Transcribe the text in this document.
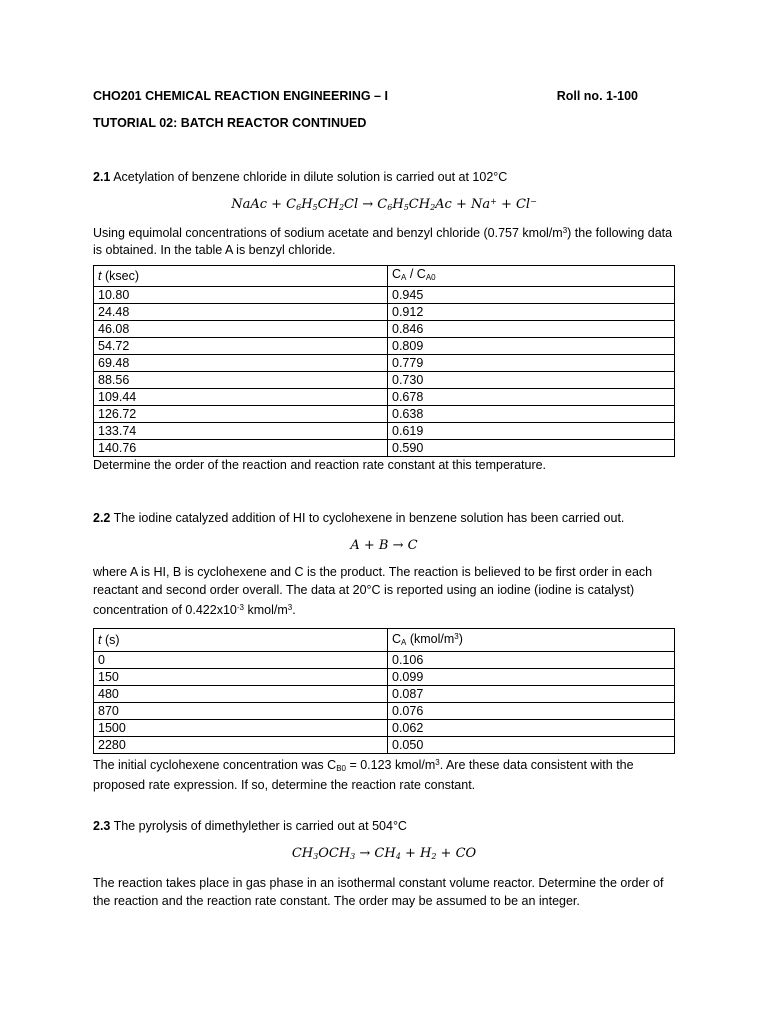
CHO201 CHEMICAL REACTION ENGINEERING – I	Roll no. 1-100
TUTORIAL 02: BATCH REACTOR CONTINUED

2.1 Acetylation of benzene chloride in dilute solution is carried out at 102°C

NaAc + $C_6H_5CH_2Cl \to C_6H_5CH_2Ac + Na^+ + Cl^-$

Using equimolal concentrations of sodium acetate and benzyl chloride (0.757 kmol/$m^3$) the following data is obtained. In the table A is benzyl chloride.

t (ksec)	$C_A / C_{A0}$
10.80	0.945
24.48	0.912
46.08	0.846
54.72	0.809
69.48	0.779
88.56	0.730
109.44	0.678
126.72	0.638
133.74	0.619
140.76	0.590

Determine the order of the reaction and reaction rate constant at this temperature.

2.2 The iodine catalyzed addition of HI to cyclohexene in benzene solution has been carried out.

A + B → C

where A is HI, B is cyclohexene and C is the product. The reaction is believed to be first order in each reactant and second order overall. The data at 20°C is reported using an iodine (iodine is catalyst) concentration of $0.422x10^{-3}$ kmol/$m^3$.

t (s)	$C_A$ $(kmol/m^3)$
0	0.106
150	0.099
480	0.087
870	0.076
1500	0.062
2280	0.050

The initial cyclohexene concentration was $C_{B0} = 0.123$ kmol/$m^3$. Are these data consistent with the proposed rate expression. If so, determine the reaction rate constant.

2.3 The pyrolysis of dimethylether is carried out at 504°C

$CH_3OCH_3 \to CH_4 + H_2$ + CO

The reaction takes place in gas phase in an isothermal constant volume reactor. Determine the order of the reaction and the reaction rate constant. The order may be assumed to be an integer.
